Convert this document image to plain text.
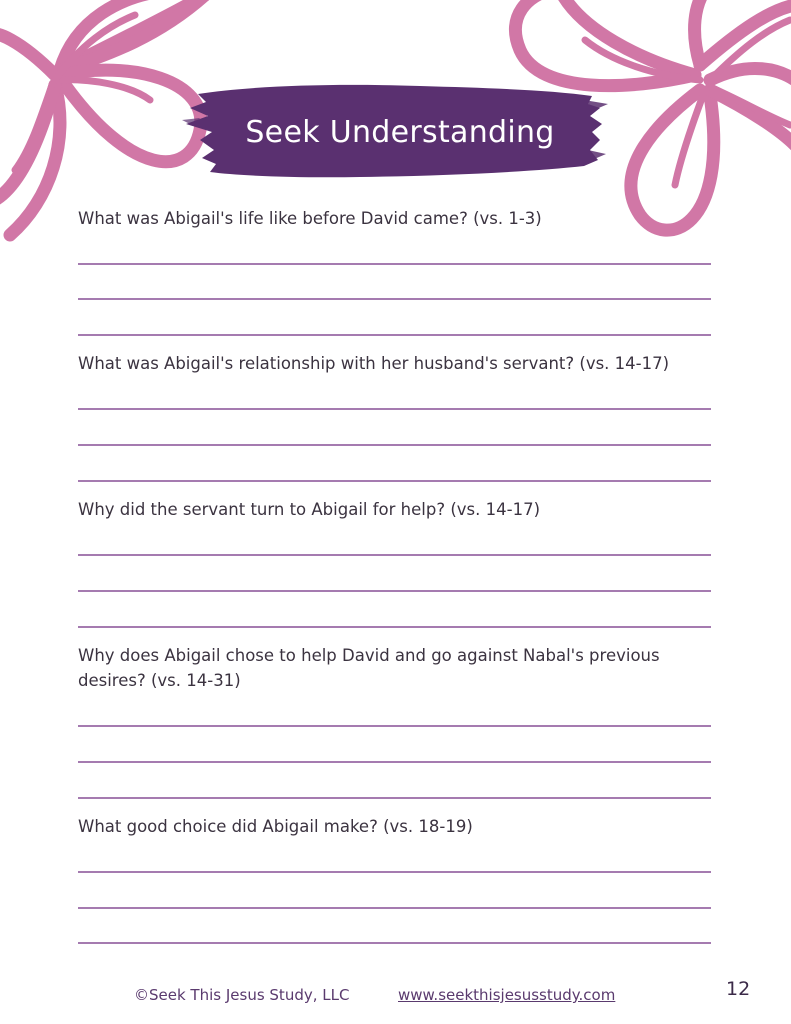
Seek Understanding
What was Abigail's life like before David came? (vs. 1-3)
What was Abigail's relationship with her husband's servant? (vs. 14-17)
Why did the servant turn to Abigail for help? (vs. 14-17)
Why does Abigail chose to help David and go against Nabal's previous desires? (vs. 14-31)
What good choice did Abigail make? (vs. 18-19)
©Seek This Jesus Study, LLC	www.seekthisjesusstudy.com	12
